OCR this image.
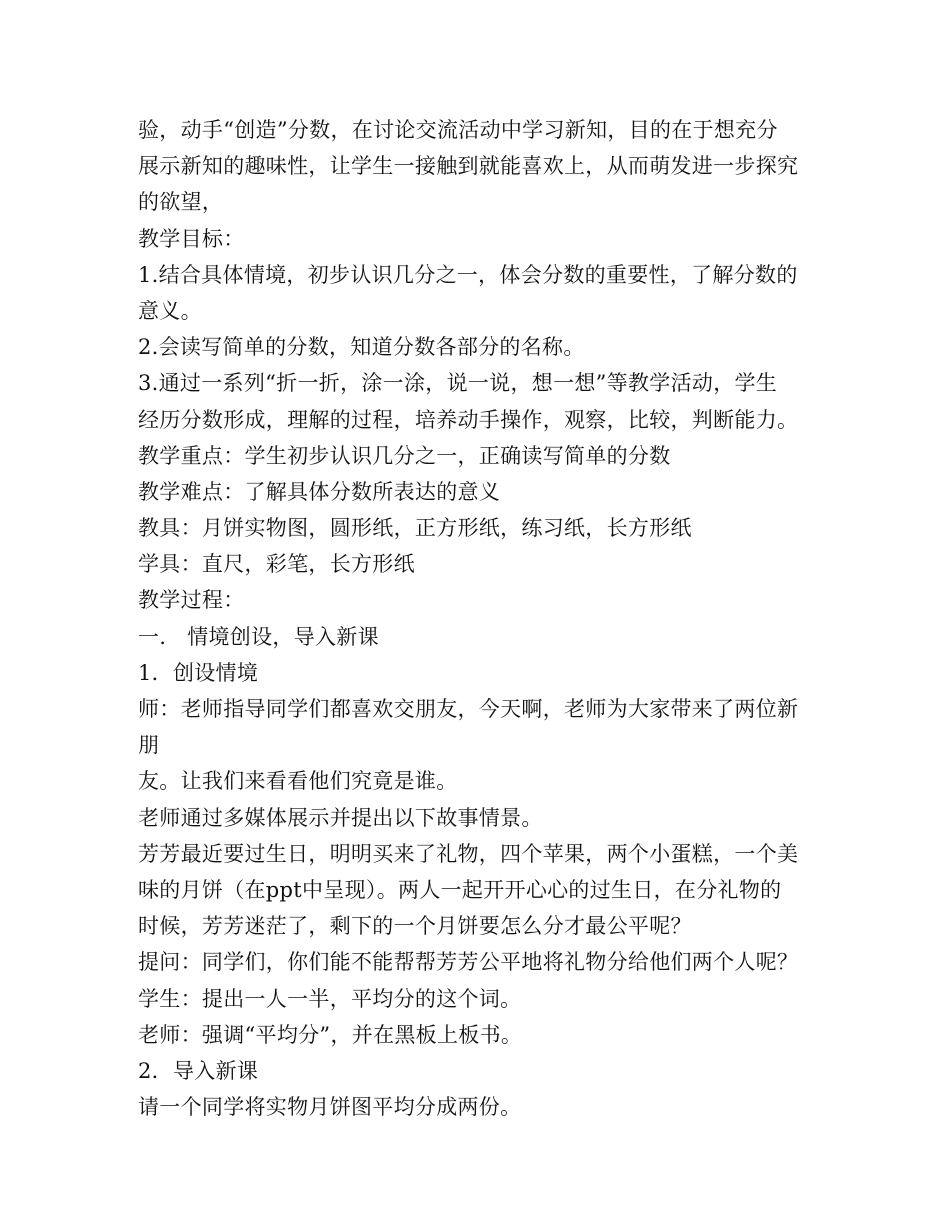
验，动手“创造”分数，在讨论交流活动中学习新知，目的在于想充分
展示新知的趣味性，让学生一接触到就能喜欢上，从而萌发进一步探究
的欲望，
教学目标：
1.结合具体情境，初步认识几分之一，体会分数的重要性，了解分数的
意义。
2.会读写简单的分数，知道分数各部分的名称。
3.通过一系列“折一折，涂一涂，说一说，想一想”等教学活动，学生
经历分数形成，理解的过程，培养动手操作，观察，比较，判断能力。
教学重点：学生初步认识几分之一，正确读写简单的分数
教学难点：了解具体分数所表达的意义
教具：月饼实物图，圆形纸，正方形纸，练习纸，长方形纸
学具：直尺，彩笔，长方形纸
教学过程：
一.   情境创设，导入新课
1．创设情境
师：老师指导同学们都喜欢交朋友，今天啊，老师为大家带来了两位新
朋
友。让我们来看看他们究竟是谁。
老师通过多媒体展示并提出以下故事情景。
芳芳最近要过生日，明明买来了礼物，四个苹果，两个小蛋糕，一个美
味的月饼（在ppt中呈现）。两人一起开开心心的过生日，在分礼物的
时候，芳芳迷茫了，剩下的一个月饼要怎么分才最公平呢？
提问：同学们，你们能不能帮帮芳芳公平地将礼物分给他们两个人呢？
学生：提出一人一半，平均分的这个词。
老师：强调“平均分”，并在黑板上板书。
2．导入新课
请一个同学将实物月饼图平均分成两份。
